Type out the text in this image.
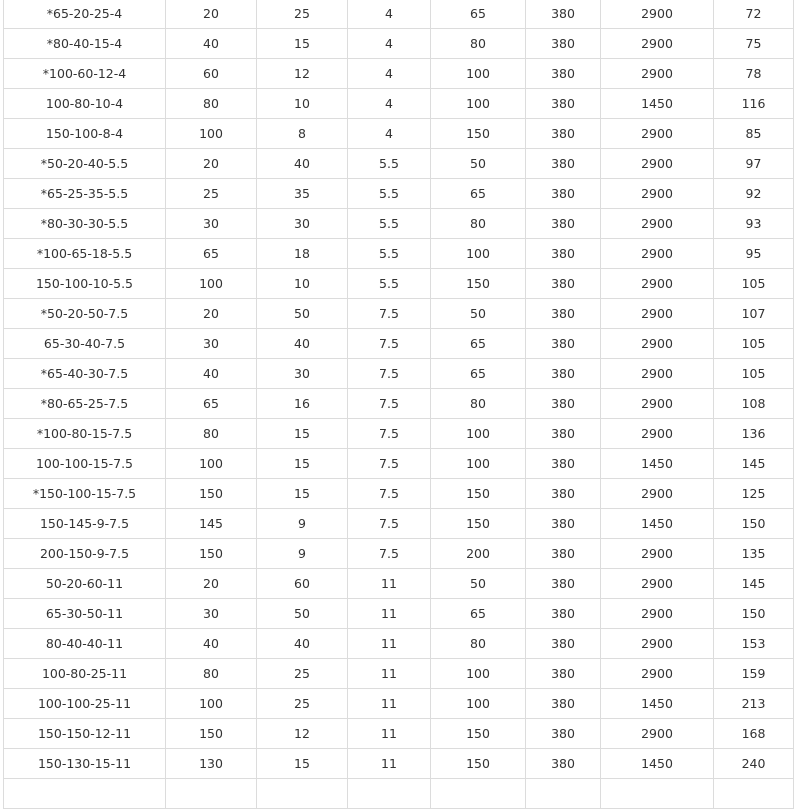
*65-20-25-4	20	25	4	65	380	2900	72
*80-40-15-4	40	15	4	80	380	2900	75
*100-60-12-4	60	12	4	100	380	2900	78
100-80-10-4	80	10	4	100	380	1450	116
150-100-8-4	100	8	4	150	380	2900	85
*50-20-40-5.5	20	40	5.5	50	380	2900	97
*65-25-35-5.5	25	35	5.5	65	380	2900	92
*80-30-30-5.5	30	30	5.5	80	380	2900	93
*100-65-18-5.5	65	18	5.5	100	380	2900	95
150-100-10-5.5	100	10	5.5	150	380	2900	105
*50-20-50-7.5	20	50	7.5	50	380	2900	107
65-30-40-7.5	30	40	7.5	65	380	2900	105
*65-40-30-7.5	40	30	7.5	65	380	2900	105
*80-65-25-7.5	65	16	7.5	80	380	2900	108
*100-80-15-7.5	80	15	7.5	100	380	2900	136
100-100-15-7.5	100	15	7.5	100	380	1450	145
*150-100-15-7.5	150	15	7.5	150	380	2900	125
150-145-9-7.5	145	9	7.5	150	380	1450	150
200-150-9-7.5	150	9	7.5	200	380	2900	135
50-20-60-11	20	60	11	50	380	2900	145
65-30-50-11	30	50	11	65	380	2900	150
80-40-40-11	40	40	11	80	380	2900	153
100-80-25-11	80	25	11	100	380	2900	159
100-100-25-11	100	25	11	100	380	1450	213
150-150-12-11	150	12	11	150	380	2900	168
150-130-15-11	130	15	11	150	380	1450	240
